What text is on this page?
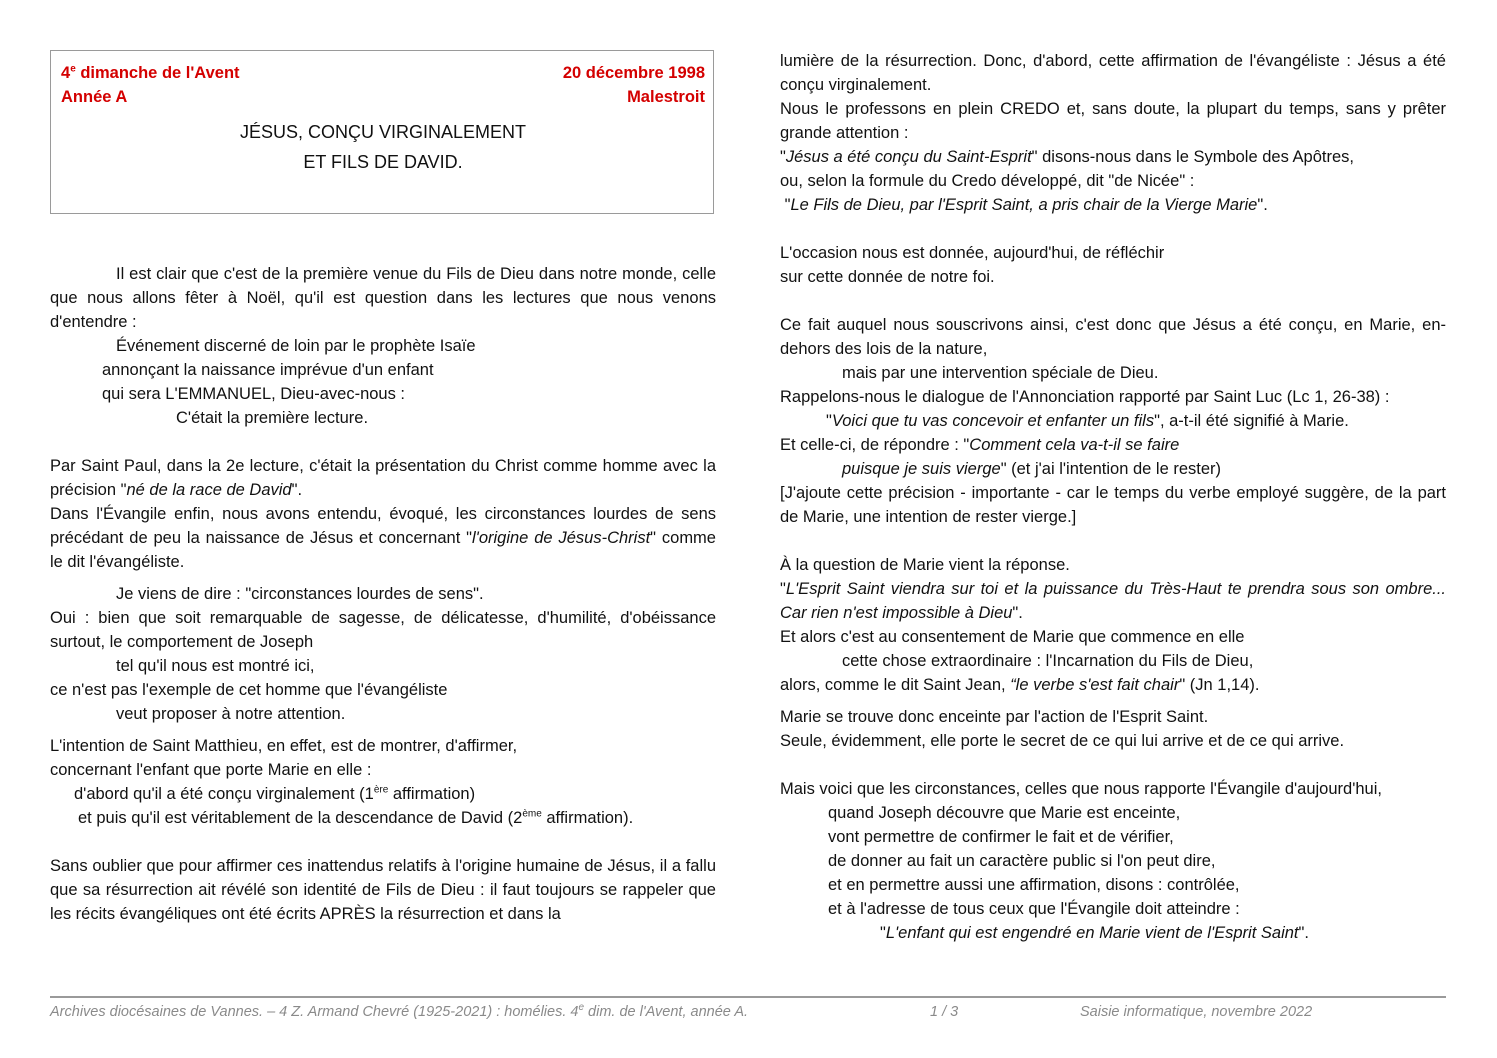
4e dimanche de l'Avent	20 décembre 1998
Année A	Malestroit
JÉSUS, CONÇU VIRGINALEMENT
ET FILS DE DAVID.

Il est clair que c'est de la première venue du Fils de Dieu dans notre monde, celle que nous allons fêter à Noël, qu'il est question dans les lectures que nous venons d'entendre :

Événement discerné de loin par le prophète Isaïe

annonçant la naissance imprévue d'un enfant

qui sera L'EMMANUEL, Dieu-avec-nous :

C'était la première lecture.

Par Saint Paul, dans la 2e lecture, c'était la présentation du Christ comme homme avec la précision "né de la race de David".

Dans l'Évangile enfin, nous avons entendu, évoqué, les circonstances lourdes de sens précédant de peu la naissance de Jésus et concernant "l'origine de Jésus-Christ" comme le dit l'évangéliste.

Je viens de dire : "circonstances lourdes de sens".

Oui : bien que soit remarquable de sagesse, de délicatesse, d'humilité, d'obéissance surtout, le comportement de Joseph

tel qu'il nous est montré ici,

ce n'est pas l'exemple de cet homme que l'évangéliste

veut proposer à notre attention.

L'intention de Saint Matthieu, en effet, est de montrer, d'affirmer,

concernant l'enfant que porte Marie en elle :

d'abord qu'il a été conçu virginalement (1ère affirmation)

et puis qu'il est véritablement de la descendance de David (2ème affirmation).

Sans oublier que pour affirmer ces inattendus relatifs à l'origine humaine de Jésus, il a fallu que sa résurrection ait révélé son identité de Fils de Dieu : il faut toujours se rappeler que les récits évangéliques ont été écrits APRÈS la résurrection et dans la

lumière de la résurrection. Donc, d'abord, cette affirmation de l'évangéliste : Jésus a été conçu virginalement.

Nous le professons en plein CREDO et, sans doute, la plupart du temps, sans y prêter grande attention :

"Jésus a été conçu du Saint-Esprit" disons-nous dans le Symbole des Apôtres,

ou, selon la formule du Credo développé, dit "de Nicée" :

"Le Fils de Dieu, par l'Esprit Saint, a pris chair de la Vierge Marie".

L'occasion nous est donnée, aujourd'hui, de réfléchir

sur cette donnée de notre foi.

Ce fait auquel nous souscrivons ainsi, c'est donc que Jésus a été conçu, en Marie, en-dehors des lois de la nature,

mais par une intervention spéciale de Dieu.

Rappelons-nous le dialogue de l'Annonciation rapporté par Saint Luc (Lc 1, 26-38) :

"Voici que tu vas concevoir et enfanter un fils", a-t-il été signifié à Marie.

Et celle-ci, de répondre : "Comment cela va-t-il se faire

puisque je suis vierge" (et j'ai l'intention de le rester)

[J'ajoute cette précision - importante - car le temps du verbe employé suggère, de la part de Marie, une intention de rester vierge.]

À la question de Marie vient la réponse.

"L'Esprit Saint viendra sur toi et la puissance du Très-Haut te prendra sous son ombre... Car rien n'est impossible à Dieu".

Et alors c'est au consentement de Marie que commence en elle

cette chose extraordinaire : l'Incarnation du Fils de Dieu,

alors, comme le dit Saint Jean, “le verbe s'est fait chair" (Jn 1,14).

Marie se trouve donc enceinte par l'action de l'Esprit Saint.

Seule, évidemment, elle porte le secret de ce qui lui arrive et de ce qui arrive.

Mais voici que les circonstances, celles que nous rapporte l'Évangile d'aujourd'hui,

quand Joseph découvre que Marie est enceinte,

vont permettre de confirmer le fait et de vérifier,

de donner au fait un caractère public si l'on peut dire,

et en permettre aussi une affirmation, disons : contrôlée,

et à l'adresse de tous ceux que l'Évangile doit atteindre :

"L'enfant qui est engendré en Marie vient de l'Esprit Saint".

Archives diocésaines de Vannes. – 4 Z. Armand Chevré (1925-2021) : homélies. 4e dim. de l'Avent, année A.	1 / 3	Saisie informatique, novembre 2022
